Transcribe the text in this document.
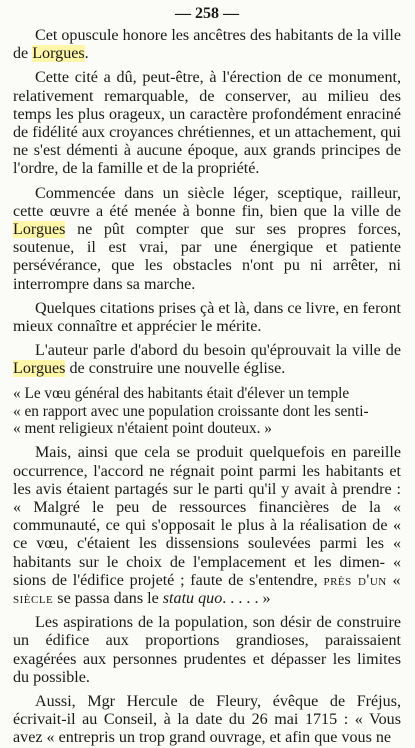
— 258 —

Cet opuscule honore les ancêtres des habitants de la ville de Lorgues.

Cette cité a dû, peut-être, à l'érection de ce monument, relativement remarquable, de conserver, au milieu des temps les plus orageux, un caractère profondément enraciné de fidélité aux croyances chrétiennes, et un attachement, qui ne s'est démenti à aucune époque, aux grands principes de l'ordre, de la famille et de la propriété.

Commencée dans un siècle léger, sceptique, railleur, cette œuvre a été menée à bonne fin, bien que la ville de Lorgues ne pût compter que sur ses propres forces, soutenue, il est vrai, par une énergique et patiente persévérance, que les obstacles n'ont pu ni arrêter, ni interrompre dans sa marche.

Quelques citations prises çà et là, dans ce livre, en feront mieux connaître et apprécier le mérite.

L'auteur parle d'abord du besoin qu'éprouvait la ville de Lorgues de construire une nouvelle église.

« Le vœu général des habitants était d'élever un temple
« en rapport avec une population croissante dont les senti-
« ment religieux n'étaient point douteux. »

Mais, ainsi que cela se produit quelquefois en pareille occurrence, l'accord ne régnait point parmi les habitants et les avis étaient partagés sur le parti qu'il y avait à prendre : « Malgré le peu de ressources financières de la « communauté, ce qui s'opposait le plus à la réalisation de « ce vœu, c'étaient les dissensions soulevées parmi les « habitants sur le choix de l'emplacement et les dimen- « sions de l'édifice projeté ; faute de s'entendre, près d'un « siècle se passa dans le statu quo. . . . . »

Les aspirations de la population, son désir de construire un édifice aux proportions grandioses, paraissaient exagérées aux personnes prudentes et dépasser les limites du possible.

Aussi, Mgr Hercule de Fleury, évêque de Fréjus, écrivait-il au Conseil, à la date du 26 mai 1715 : « Vous avez « entrepris un trop grand ouvrage, et afin que vous ne
